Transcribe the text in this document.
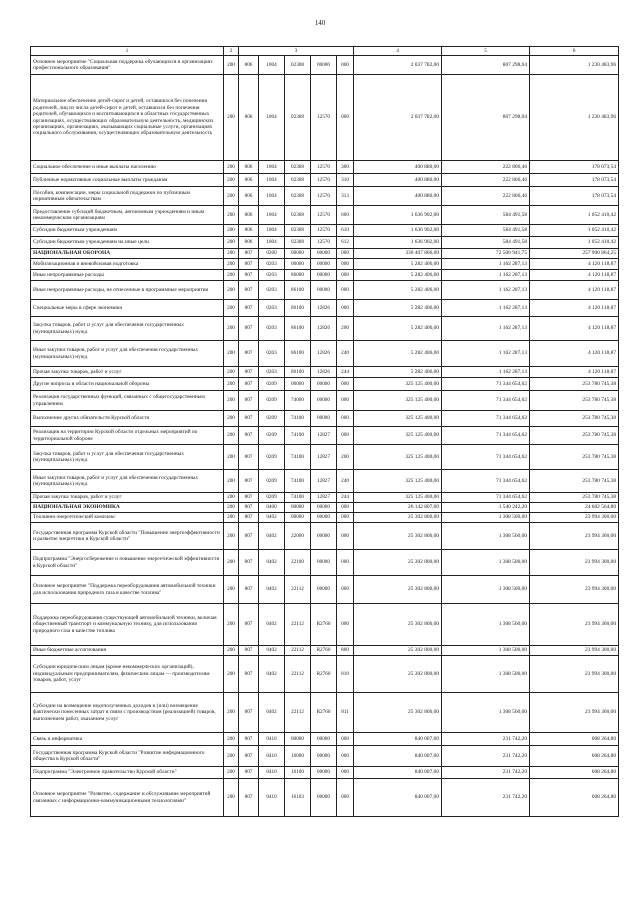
140
1	2	3					4	5	6
Основное мероприятие "Социальная поддержка обучающихся в организациях профессионального образования"	200	806	1004	02308	00000	000	2 037 782,00	807 298,04	1 230 483,96
Материальное обеспечение детей-сирот и детей, оставшихся без попечения родителей, лиц из числа детей-сирот и детей, оставшихся без попечения родителей, обучающихся и воспитывающихся в областных государственных организациях, осуществляющих образовательную деятельность, медицинских организациях, организациях, оказывающих социальные услуги, организациях социального обслуживания, осуществляющих образовательную деятельность	200	806	1004	02308	12570	000	2 037 782,00	807 298,04	1 230 483,96
Социальное обеспечение и иные выплаты населению	200	806	1004	02308	12570	300	400 880,00	222 806,46	178 073,54
Публичные нормативные социальные выплаты гражданам	200	806	1004	02308	12570	310	400 880,00	222 806,46	178 073,54
Пособия, компенсации, меры социальной поддержки по публичным нормативным обязательствам	200	806	1004	02308	12570	313	400 880,00	222 806,46	178 073,54
Предоставление субсидий бюджетным, автономным учреждениям и иным некоммерческим организациям	200	806	1004	02308	12570	600	1 636 902,00	584 491,58	1 052 410,42
Субсидии бюджетным учреждениям	200	806	1004	02308	12570	610	1 636 902,00	584 491,58	1 052 410,42
Субсидии бюджетным учреждениям на иные цели	200	806	1004	02308	12570	612	1 636 902,00	584 491,58	1 052 410,42
НАЦИОНАЛЬНАЯ ОБОРОНА	200	807	0200	00000	00000	000	330 407 806,00	72 506 941,75	257 900 864,25
Мобилизационная и вневойсковая подготовка	200	807	0203	00000	00000	000	5 282 406,00	1 162 287,13	4 120 118,87
Иные непрограммные расходы	200	807	0203	86000	00000	000	5 282 406,00	1 162 287,13	4 120 118,87
Иные непрограммные расходы, не отнесенные в программные мероприятия	200	807	0203	86100	00000	000	5 282 406,00	1 162 287,13	4 120 118,87
Специальные меры в сфере экономики	200	807	0203	86100	12826	000	5 282 406,00	1 162 287,13	4 120 118,87
Закупка товаров, работ и услуг для обеспечения государственных (муниципальных) нужд	200	807	0203	86100	12826	200	5 282 406,00	1 162 287,13	4 120 118,87
Иные закупки товаров, работ и услуг для обеспечения государственных (муниципальных) нужд	200	807	0203	86100	12826	240	5 282 406,00	1 162 287,13	4 120 118,87
Прочая закупка товаров, работ и услуг	200	807	0203	86100	12826	244	5 282 406,00	1 162 287,13	4 120 118,87
Другие вопросы в области национальной обороны	200	807	0209	00000	00000	000	325 125 400,00	71 344 654,62	253 780 745,38
Реализация государственных функций, связанных с общегосударственным управлением	200	807	0209	74000	00000	000	325 125 400,00	71 344 654,62	253 780 745,38
Выполнение других обязательств Курской области	200	807	0209	74100	00000	000	325 125 400,00	71 344 654,62	253 780 745,38
Реализация на территории Курской области отдельных мероприятий по территориальной обороне	200	807	0209	74100	12827	000	325 125 400,00	71 344 654,62	253 780 745,38
Закупка товаров, работ и услуг для обеспечения государственных (муниципальных) нужд	200	807	0209	74100	12827	200	325 125 400,00	71 344 654,62	253 780 745,38
Иные закупки товаров, работ и услуг для обеспечения государственных (муниципальных) нужд	200	807	0209	74100	12827	240	325 125 400,00	71 344 654,62	253 780 745,38
Прочая закупка товаров, работ и услуг	200	807	0209	74100	12827	244	325 125 400,00	71 344 654,62	253 780 745,38
НАЦИОНАЛЬНАЯ ЭКОНОМИКА	200	807	0400	00000	00000	000	26 142 807,00	1 540 242,20	24 602 564,80
Топливно-энергетический комплекс	200	807	0402	00000	00000	000	25 302 800,00	1 308 500,00	23 994 300,00
Государственная программа Курской области "Повышение энергоэффективности и развитие энергетики в Курской области"	200	807	0402	22000	00000	000	25 302 800,00	1 308 500,00	23 994 300,00
Подпрограмма "Энергосбережение и повышение энергетической эффективности в Курской области"	200	807	0402	22100	00000	000	25 302 800,00	1 308 500,00	23 994 300,00
Основное мероприятие "Поддержка переоборудования автомобильной техники для использования природного газа в качестве топлива"	200	807	0402	22112	00000	000	25 302 800,00	1 308 500,00	23 994 300,00
Поддержка переоборудования существующей автомобильной техники, включая общественный транспорт и коммунальную технику, для использования природного газа в качестве топлива	200	807	0402	22112	R2760	000	25 302 800,00	1 308 500,00	23 994 300,00
Иные бюджетные ассигнования	200	807	0402	22112	R2760	800	25 302 800,00	1 308 500,00	23 994 300,00
Субсидии юридическим лицам (кроме некоммерческих организаций), индивидуальным предпринимателям, физическим лицам — производителям товаров, работ, услуг	200	807	0402	22112	R2760	810	25 302 800,00	1 308 500,00	23 994 300,00
Субсидии на возмещение недополученных доходов и (или) возмещение фактически понесенных затрат в связи с производством (реализацией) товаров, выполнением работ, оказанием услуг	200	807	0402	22112	R2760	811	25 302 800,00	1 308 500,00	23 994 300,00
Связь и информатика	200	807	0410	00000	00000	000	840 007,00	231 742,20	608 264,80
Государственная программа Курской области "Развитие информационного общества в Курской области"	200	807	0410	16000	00000	000	840 007,00	231 742,20	608 264,80
Подпрограмма "Электронное правительство Курской области"	200	807	0410	16100	00000	000	840 007,00	231 742,20	608 264,80
Основное мероприятие "Развитие, содержание и обслуживание мероприятий связанных с информационно-коммуникационными технологиями"	200	807	0410	16103	00000	000	840 007,00	231 742,20	608 264,80
